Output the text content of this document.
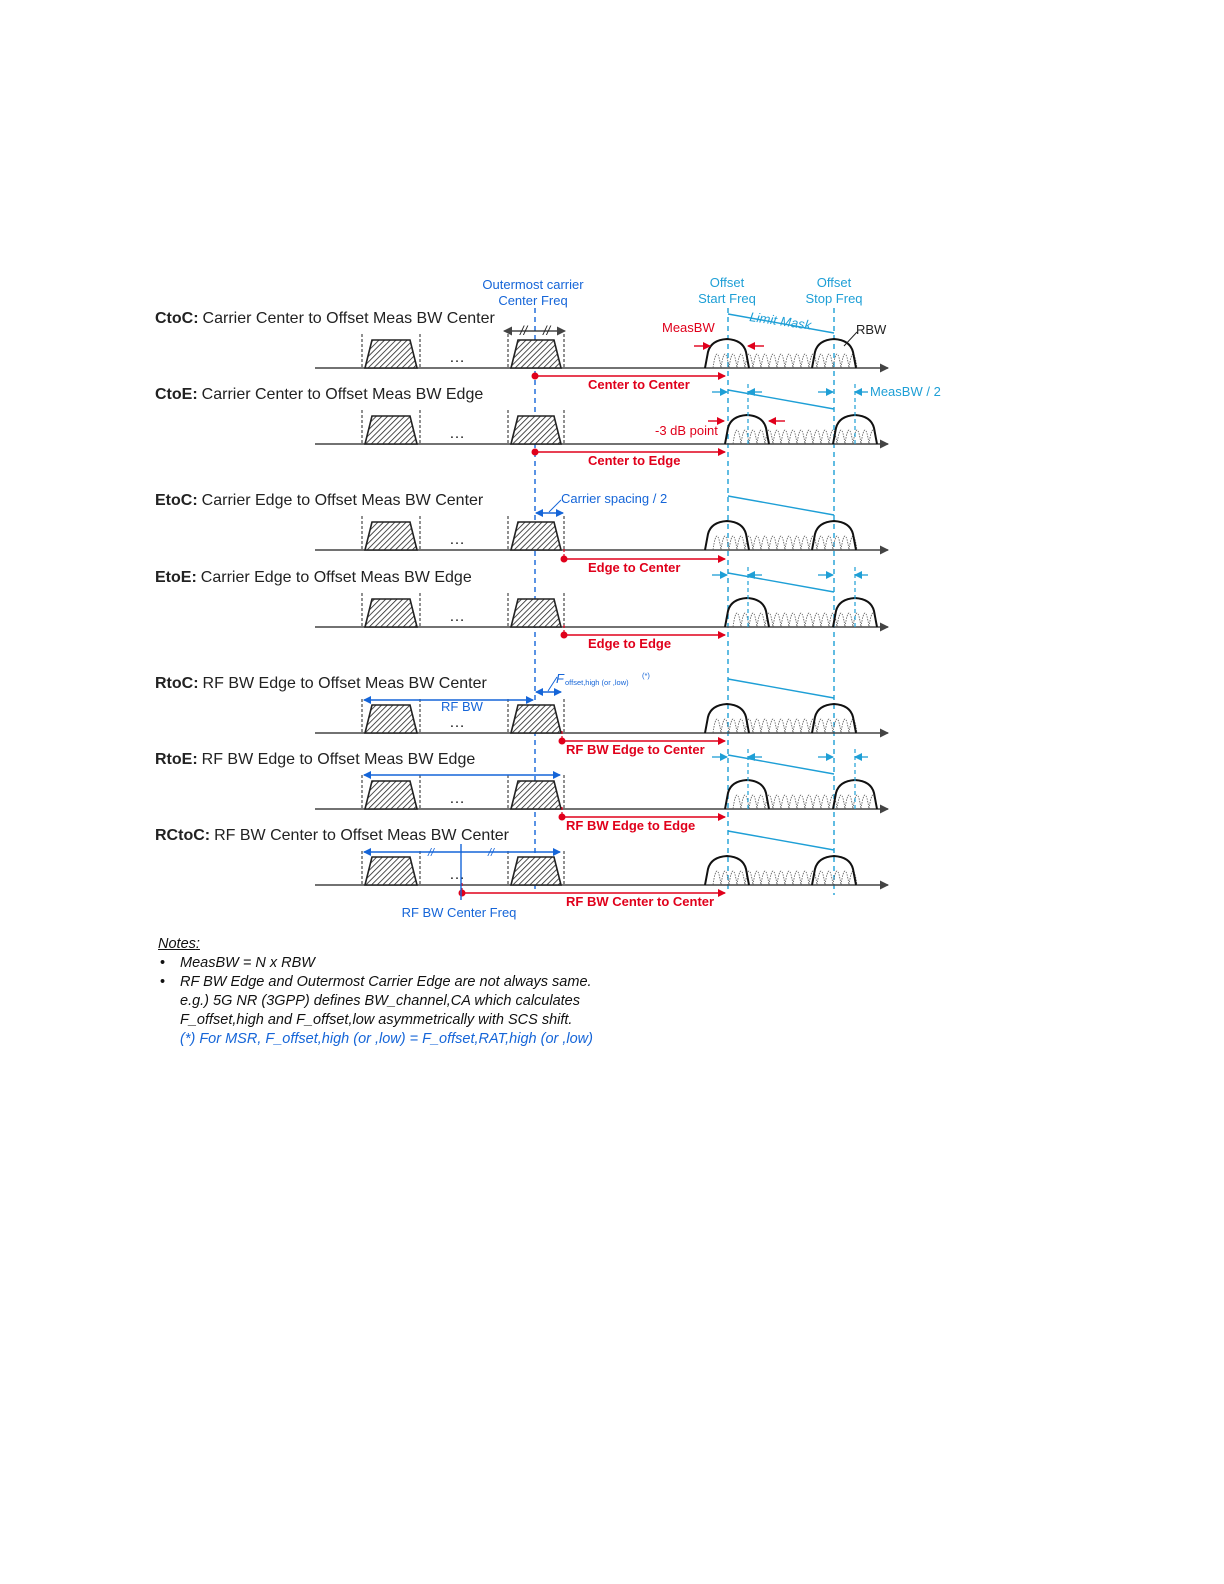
Outermost carrier
Center Freq
Offset
Start Freq
Offset
Stop Freq
CtoC: Carrier Center to Offset Meas BW Center
…
Center to Center
CtoE: Carrier Center to Offset Meas BW Edge
…
Center to Edge
EtoC: Carrier Edge to Offset Meas BW Center
…
Edge to Center
EtoE: Carrier Edge to Offset Meas BW Edge
…
Edge to Edge
RtoC: RF BW Edge to Offset Meas BW Center
…
RF BW Edge to Center
RtoE: RF BW Edge to Offset Meas BW Edge
…
RF BW Edge to Edge
RCtoC: RF BW Center to Offset Meas BW Center
…
RF BW Center to Center
// //	Limit Mask
MeasBW	RBW
MeasBW / 2
-3 dB point
Carrier spacing / 2
RF BW
F offset,high (or ,low)
(*)
//	//
RF BW Center Freq
Notes:
• MeasBW = N x RBW
• RF BW Edge and Outermost Carrier Edge are not always same.
e.g.) 5G NR (3GPP) defines BW_channel,CA which calculates
F_offset,high and F_offset,low asymmetrically with SCS shift.
(*) For MSR, F_offset,high (or ,low) = F_offset,RAT,high (or ,low)
